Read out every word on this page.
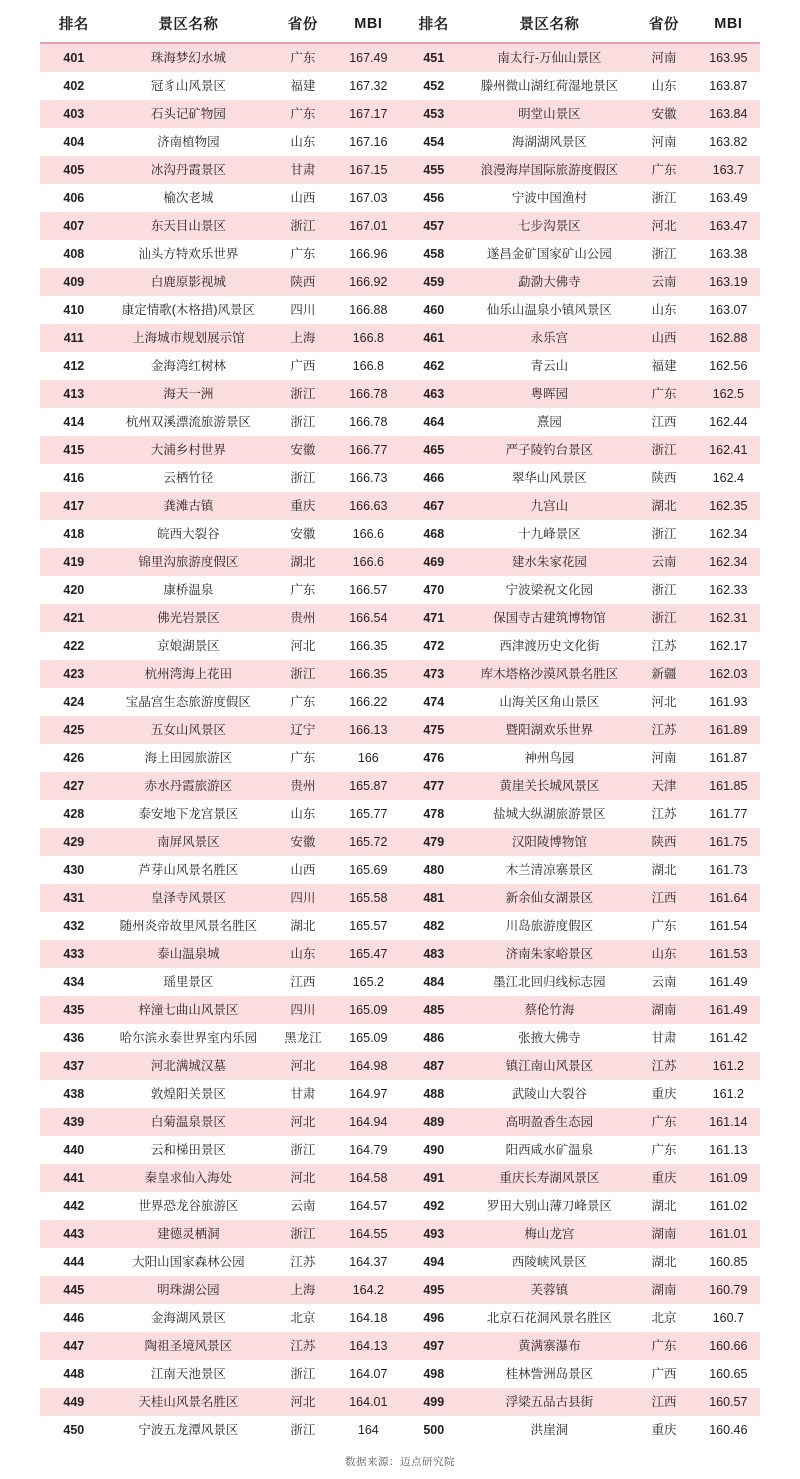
排名	景区名称	省份	MBI	排名	景区名称	省份	MBI
401	珠海梦幻水城	广东	167.49	451	南太行-万仙山景区	河南	163.95
402	冠豸山风景区	福建	167.32	452	滕州微山湖红荷湿地景区	山东	163.87
403	石头记矿物园	广东	167.17	453	明堂山景区	安徽	163.84
404	济南植物园	山东	167.16	454	海湖湖风景区	河南	163.82
405	冰沟丹霞景区	甘肃	167.15	455	浪漫海岸国际旅游度假区	广东	163.7
406	榆次老城	山西	167.03	456	宁波中国渔村	浙江	163.49
407	东天目山景区	浙江	167.01	457	七步沟景区	河北	163.47
408	汕头方特欢乐世界	广东	166.96	458	遂昌金矿国家矿山公园	浙江	163.38
409	白鹿原影视城	陕西	166.92	459	勐泐大佛寺	云南	163.19
410	康定情歌(木格措)风景区	四川	166.88	460	仙乐山温泉小镇风景区	山东	163.07
411	上海城市规划展示馆	上海	166.8	461	永乐宫	山西	162.88
412	金海湾红树林	广西	166.8	462	青云山	福建	162.56
413	海天一洲	浙江	166.78	463	粤晖园	广东	162.5
414	杭州双溪漂流旅游景区	浙江	166.78	464	熹园	江西	162.44
415	大浦乡村世界	安徽	166.77	465	严子陵钓台景区	浙江	162.41
416	云栖竹径	浙江	166.73	466	翠华山风景区	陕西	162.4
417	龚滩古镇	重庆	166.63	467	九宫山	湖北	162.35
418	皖西大裂谷	安徽	166.6	468	十九峰景区	浙江	162.34
419	锦里沟旅游度假区	湖北	166.6	469	建水朱家花园	云南	162.34
420	康桥温泉	广东	166.57	470	宁波梁祝文化园	浙江	162.33
421	佛光岩景区	贵州	166.54	471	保国寺古建筑博物馆	浙江	162.31
422	京娘湖景区	河北	166.35	472	西津渡历史文化街	江苏	162.17
423	杭州湾海上花田	浙江	166.35	473	库木塔格沙漠风景名胜区	新疆	162.03
424	宝晶宫生态旅游度假区	广东	166.22	474	山海关区角山景区	河北	161.93
425	五女山风景区	辽宁	166.13	475	暨阳湖欢乐世界	江苏	161.89
426	海上田园旅游区	广东	166	476	神州鸟园	河南	161.87
427	赤水丹霞旅游区	贵州	165.87	477	黄崖关长城风景区	天津	161.85
428	泰安地下龙宫景区	山东	165.77	478	盐城大纵湖旅游景区	江苏	161.77
429	南屏风景区	安徽	165.72	479	汉阳陵博物馆	陕西	161.75
430	芦芽山风景名胜区	山西	165.69	480	木兰清凉寨景区	湖北	161.73
431	皇泽寺风景区	四川	165.58	481	新余仙女湖景区	江西	161.64
432	随州炎帝故里风景名胜区	湖北	165.57	482	川岛旅游度假区	广东	161.54
433	泰山温泉城	山东	165.47	483	济南朱家峪景区	山东	161.53
434	瑶里景区	江西	165.2	484	墨江北回归线标志园	云南	161.49
435	梓潼七曲山风景区	四川	165.09	485	蔡伦竹海	湖南	161.49
436	哈尔滨永泰世界室内乐园	黑龙江	165.09	486	张掖大佛寺	甘肃	161.42
437	河北满城汉墓	河北	164.98	487	镇江南山风景区	江苏	161.2
438	敦煌阳关景区	甘肃	164.97	488	武陵山大裂谷	重庆	161.2
439	白菊温泉景区	河北	164.94	489	高明盈香生态园	广东	161.14
440	云和梯田景区	浙江	164.79	490	阳西咸水矿温泉	广东	161.13
441	秦皇求仙入海处	河北	164.58	491	重庆长寿湖风景区	重庆	161.09
442	世界恐龙谷旅游区	云南	164.57	492	罗田大别山薄刀峰景区	湖北	161.02
443	建德灵栖洞	浙江	164.55	493	梅山龙宫	湖南	161.01
444	大阳山国家森林公园	江苏	164.37	494	西陵峡风景区	湖北	160.85
445	明珠湖公园	上海	164.2	495	芙蓉镇	湖南	160.79
446	金海湖风景区	北京	164.18	496	北京石花洞风景名胜区	北京	160.7
447	陶祖圣境风景区	江苏	164.13	497	黄满寨瀑布	广东	160.66
448	江南天池景区	浙江	164.07	498	桂林訾洲岛景区	广西	160.65
449	天桂山风景名胜区	河北	164.01	499	浮梁五品古县街	江西	160.57
450	宁波五龙潭风景区	浙江	164	500	洪崖洞	重庆	160.46
数据来源：迈点研究院
